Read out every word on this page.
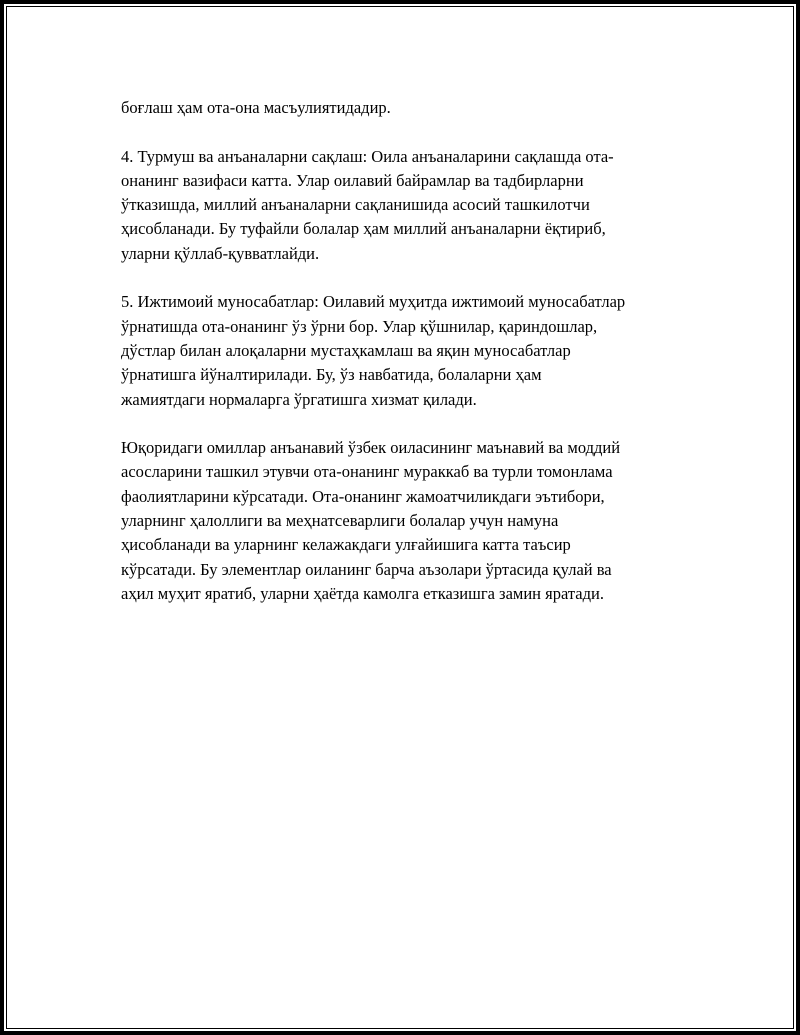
боғлаш ҳам ота-она масъулиятидадир.

4. Турмуш ва анъаналарни сақлаш: Оила анъаналарини сақлашда ота-
онанинг вазифаси катта. Улар оилавий байрамлар ва тадбирларни
ўтказишда, миллий анъаналарни сақланишида асосий ташкилотчи
ҳисобланади. Бу туфайли болалар ҳам миллий анъаналарни ёқтириб,
уларни қўллаб-қувватлайди.

5. Ижтимоий муносабатлар: Оилавий муҳитда ижтимоий муносабатлар
ўрнатишда ота-онанинг ўз ўрни бор. Улар қўшнилар, қариндошлар,
дўстлар билан алоқаларни мустаҳкамлаш ва яқин муносабатлар
ўрнатишга йўналтирилади. Бу, ўз навбатида, болаларни ҳам
жамиятдаги нормаларга ўргатишга хизмат қилади.

Юқоридаги омиллар анъанавий ўзбек оиласининг маънавий ва моддий
асосларини ташкил этувчи ота-онанинг мураккаб ва турли томонлама
фаолиятларини кўрсатади. Ота-онанинг жамоатчиликдаги эътибори,
уларнинг ҳалоллиги ва меҳнатсеварлиги болалар учун намуна
ҳисобланади ва уларнинг келажакдаги улғайишига катта таъсир
кўрсатади. Бу элементлар оиланинг барча аъзолари ўртасида қулай ва
аҳил муҳит яратиб, уларни ҳаётда камолга етказишга замин яратади.
